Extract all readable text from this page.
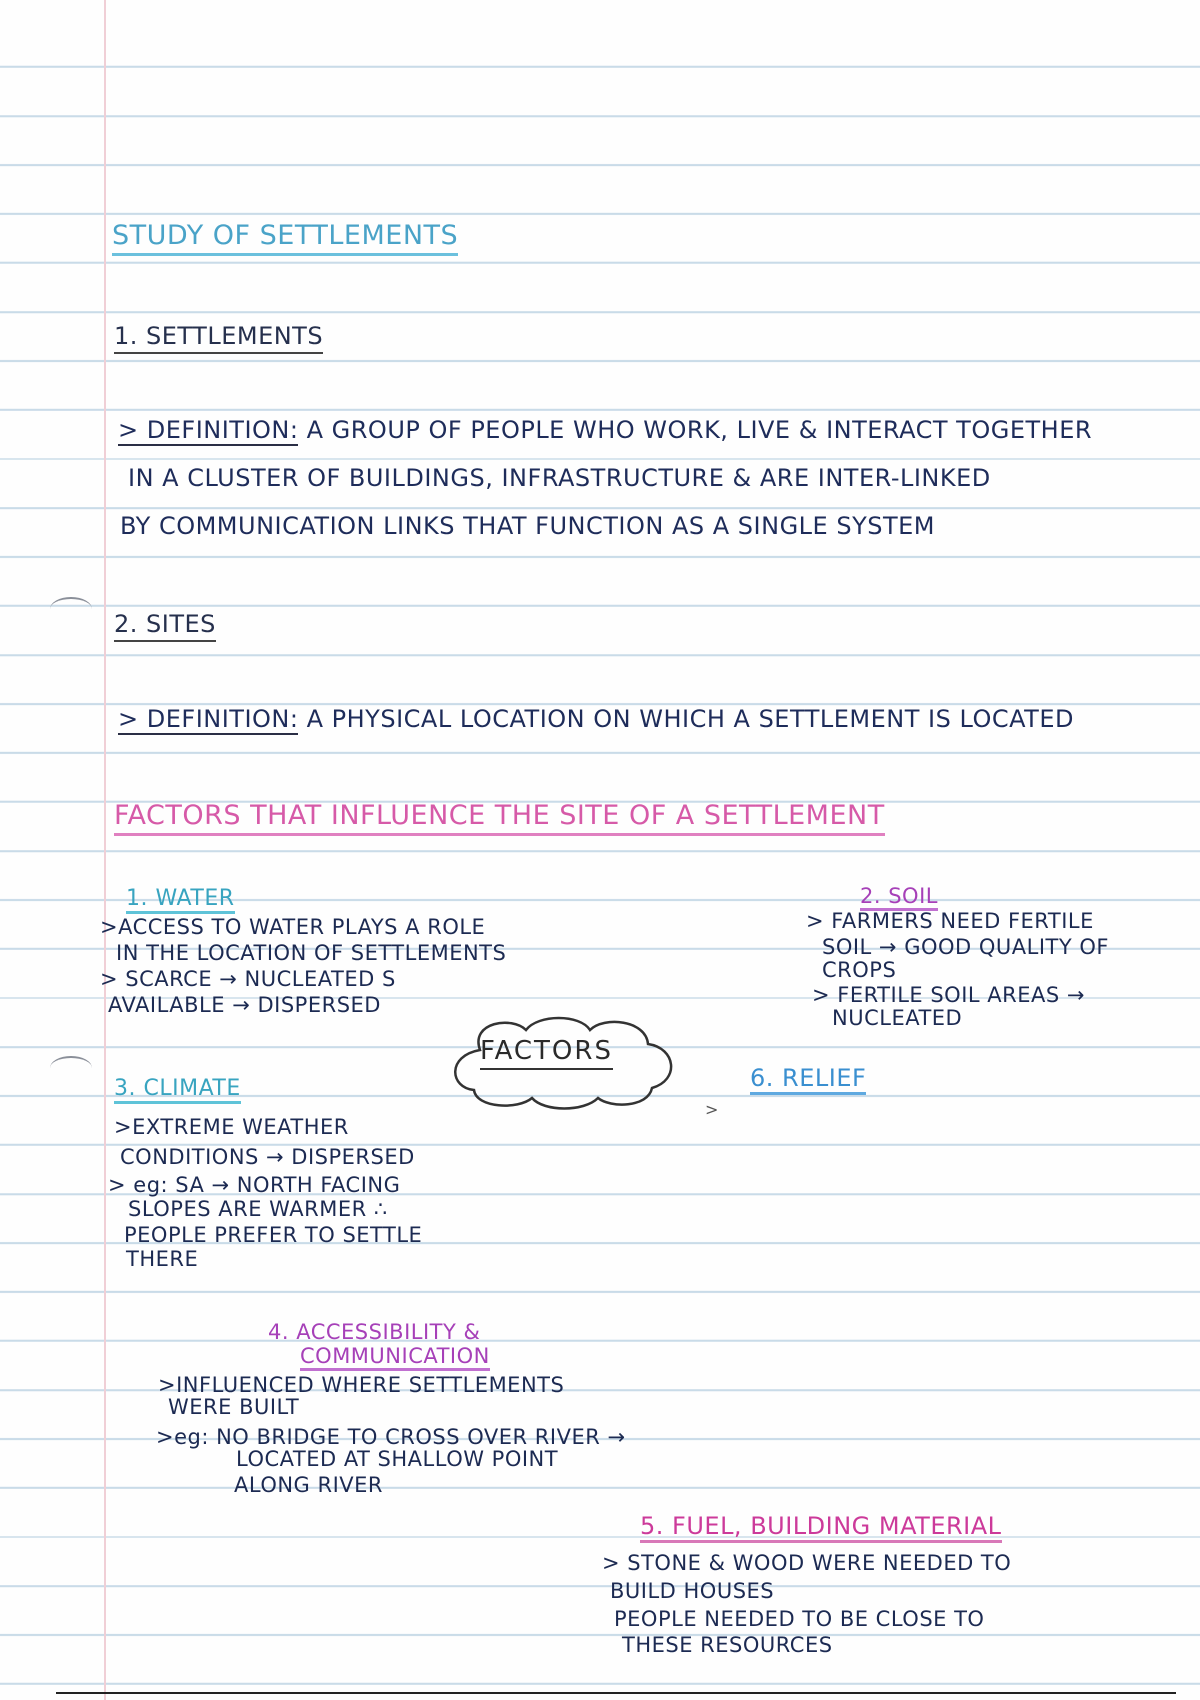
STUDY OF SETTLEMENTS
1. SETTLEMENTS
> DEFINITION: A GROUP OF PEOPLE WHO WORK, LIVE & INTERACT TOGETHER
IN A CLUSTER OF BUILDINGS, INFRASTRUCTURE & ARE INTER-LINKED
BY COMMUNICATION LINKS THAT FUNCTION AS A SINGLE SYSTEM
2. SITES
> DEFINITION: A PHYSICAL LOCATION ON WHICH A SETTLEMENT IS LOCATED
FACTORS THAT INFLUENCE THE SITE OF A SETTLEMENT
FACTORS
1. WATER
>ACCESS TO WATER PLAYS A ROLE
IN THE LOCATION OF SETTLEMENTS
> SCARCE → NUCLEATED S
AVAILABLE → DISPERSED
2. SOIL
> FARMERS NEED FERTILE
SOIL → GOOD QUALITY OF
CROPS
> FERTILE SOIL AREAS →
NUCLEATED
3. CLIMATE
>EXTREME WEATHER
CONDITIONS → DISPERSED
> eg: SA → NORTH FACING
SLOPES ARE WARMER ∴
PEOPLE PREFER TO SETTLE
THERE
6. RELIEF
>
4. ACCESSIBILITY &
COMMUNICATION
>INFLUENCED WHERE SETTLEMENTS
WERE BUILT
>eg: NO BRIDGE TO CROSS OVER RIVER →
LOCATED AT SHALLOW POINT
ALONG RIVER
5. FUEL, BUILDING MATERIAL
> STONE & WOOD WERE NEEDED TO
BUILD HOUSES
PEOPLE NEEDED TO BE CLOSE TO
THESE RESOURCES
